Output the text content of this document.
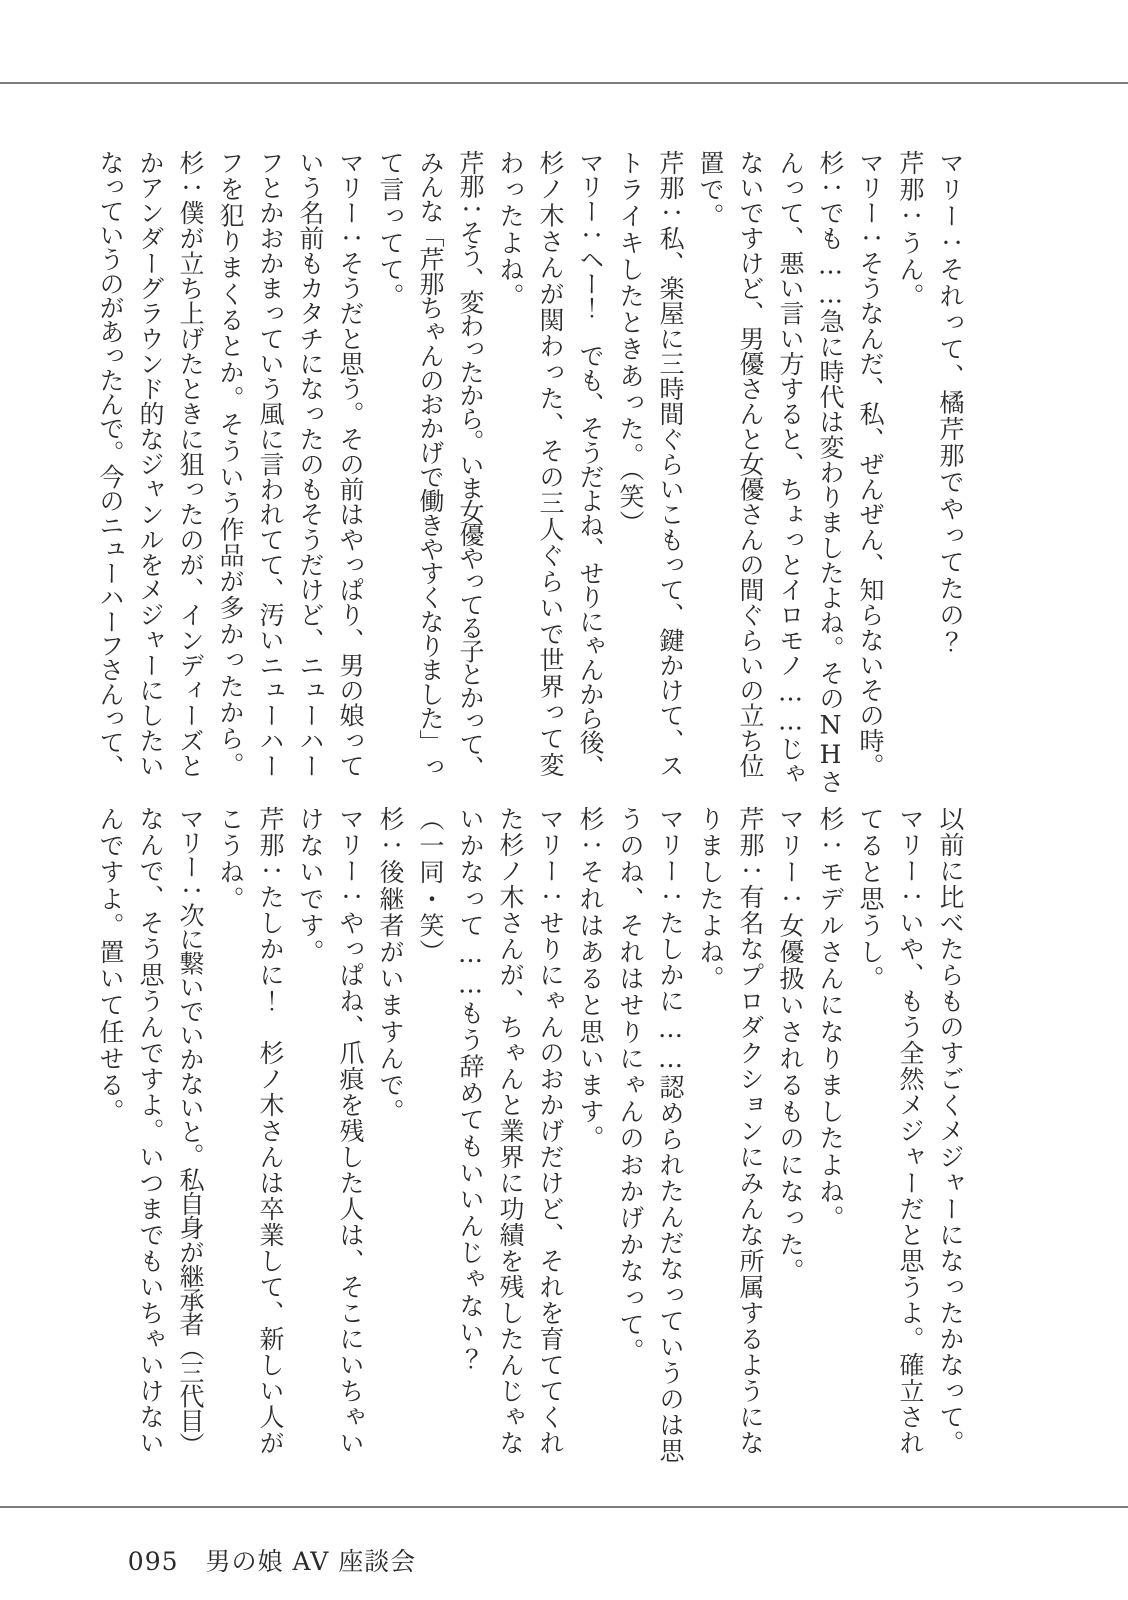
マリー：それって、橘芹那でやってたの？
芹那：うん。
マリー：そうなんだ、私、ぜんぜん、知らないその時。
杉：でも……急に時代は変わりましたよね。そのNHさ
んって、悪い言い方すると、ちょっとイロモノ……じゃ
ないですけど、男優さんと女優さんの間ぐらいの立ち位
置で。
芹那：私、楽屋に三時間ぐらいこもって、鍵かけて、ス
トライキしたときあった。（笑）
マリー：ヘー！　でも、そうだよね、せりにゃんから後、
杉ノ木さんが関わった、その三人ぐらいで世界って変
わったよね。
芹那：そう、変わったから。いま女優やってる子とかって、
みんな「芹那ちゃんのおかげで働きやすくなりました」っ
て言ってて。
マリー：そうだと思う。その前はやっぱり、男の娘って
いう名前もカタチになったのもそうだけど、ニューハー
フとかおかまっていう風に言われてて、汚いニューハー
フを犯りまくるとか。そういう作品が多かったから。
杉：僕が立ち上げたときに狙ったのが、インディーズと
かアンダーグラウンド的なジャンルをメジャーにしたい
なっていうのがあったんで。今のニューハーフさんって、
以前に比べたらものすごくメジャーになったかなって。
マリー：いや、もう全然メジャーだと思うよ。確立され
てると思うし。
杉：モデルさんになりましたよね。
マリー：女優扱いされるものになった。
芹那：有名なプロダクションにみんな所属するようにな
りましたよね。
マリー：たしかに……認められたんだなっていうのは思
うのね、それはせりにゃんのおかげかなって。
杉：それはあると思います。
マリー：せりにゃんのおかげだけど、それを育ててくれ
た杉ノ木さんが、ちゃんと業界に功績を残したんじゃな
いかなって……もう辞めてもいいんじゃない？
（一同・笑）
杉：後継者がいますんで。
マリー：やっぱね、爪痕を残した人は、そこにいちゃい
けないです。
芹那：たしかに！　杉ノ木さんは卒業して、新しい人が
こうね。
マリー：次に繋いでいかないと。私自身が継承者（三代目）
なんで、そう思うんですよ。いつまでもいちゃいけない
んですよ。置いて任せる。

095 男の娘 AV 座談会
